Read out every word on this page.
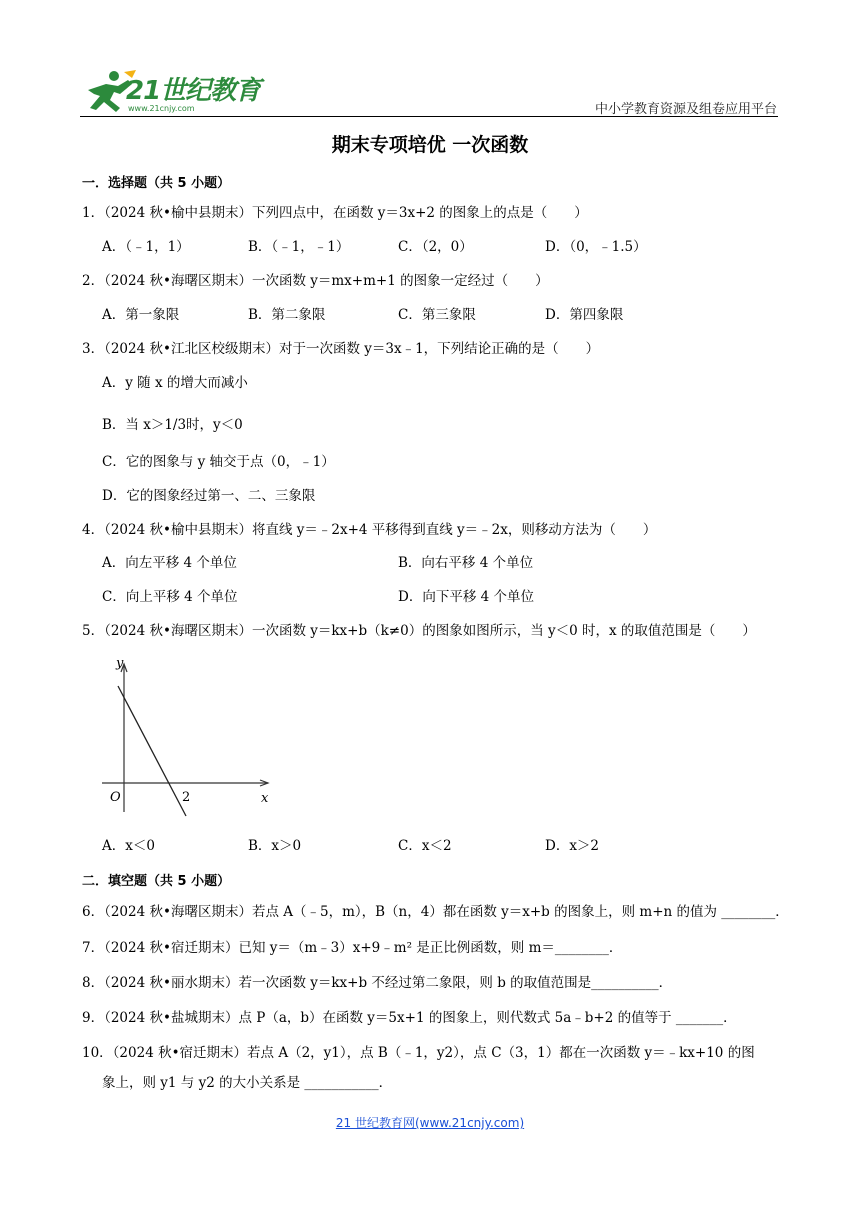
21世纪教育
www.21cnjy.com	中小学教育资源及组卷应用平台
期末专项培优 一次函数
一．选择题（共 5 小题）
1．（2024 秋•榆中县期末）下列四点中，在函数 y＝3x+2 的图象上的点是（　　）
A．（﹣1，1）	B．（﹣1，﹣1）	C．（2，0）	D．（0，﹣1.5）
2．（2024 秋•海曙区期末）一次函数 y＝mx+m+1 的图象一定经过（　　）
A．第一象限	B．第二象限	C．第三象限	D．第四象限
3．（2024 秋•江北区校级期末）对于一次函数 y＝3x﹣1，下列结论正确的是（　　）
A．y 随 x 的增大而减小
B．当 x＞1/3时，y＜0
C．它的图象与 y 轴交于点（0，﹣1）
D．它的图象经过第一、二、三象限
4．（2024 秋•榆中县期末）将直线 y＝﹣2x+4 平移得到直线 y＝﹣2x，则移动方法为（　　）
A．向左平移 4 个单位	B．向右平移 4 个单位
C．向上平移 4 个单位	D．向下平移 4 个单位
5．（2024 秋•海曙区期末）一次函数 y＝kx+b（k≠0）的图象如图所示，当 y＜0 时，x 的取值范围是（　　）
y
x
O	2
A．x＜0	B．x＞0	C．x＜2	D．x＞2
二．填空题（共 5 小题）
6．（2024 秋•海曙区期末）若点 A（﹣5，m），B（n，4）都在函数 y＝x+b 的图象上，则 m+n 的值为 ________．
7．（2024 秋•宿迁期末）已知 y＝（m﹣3）x+9﹣m² 是正比例函数，则 m＝________．
8．（2024 秋•丽水期末）若一次函数 y＝kx+b 不经过第二象限，则 b 的取值范围是__________．
9．（2024 秋•盐城期末）点 P（a，b）在函数 y＝5x+1 的图象上，则代数式 5a﹣b+2 的值等于 _______．
10．（2024 秋•宿迁期末）若点 A（2，y1），点 B（﹣1，y2），点 C（3，1）都在一次函数 y＝﹣kx+10 的图
象上，则 y1 与 y2 的大小关系是 ___________．
21 世纪教育网(www.21cnjy.com)
